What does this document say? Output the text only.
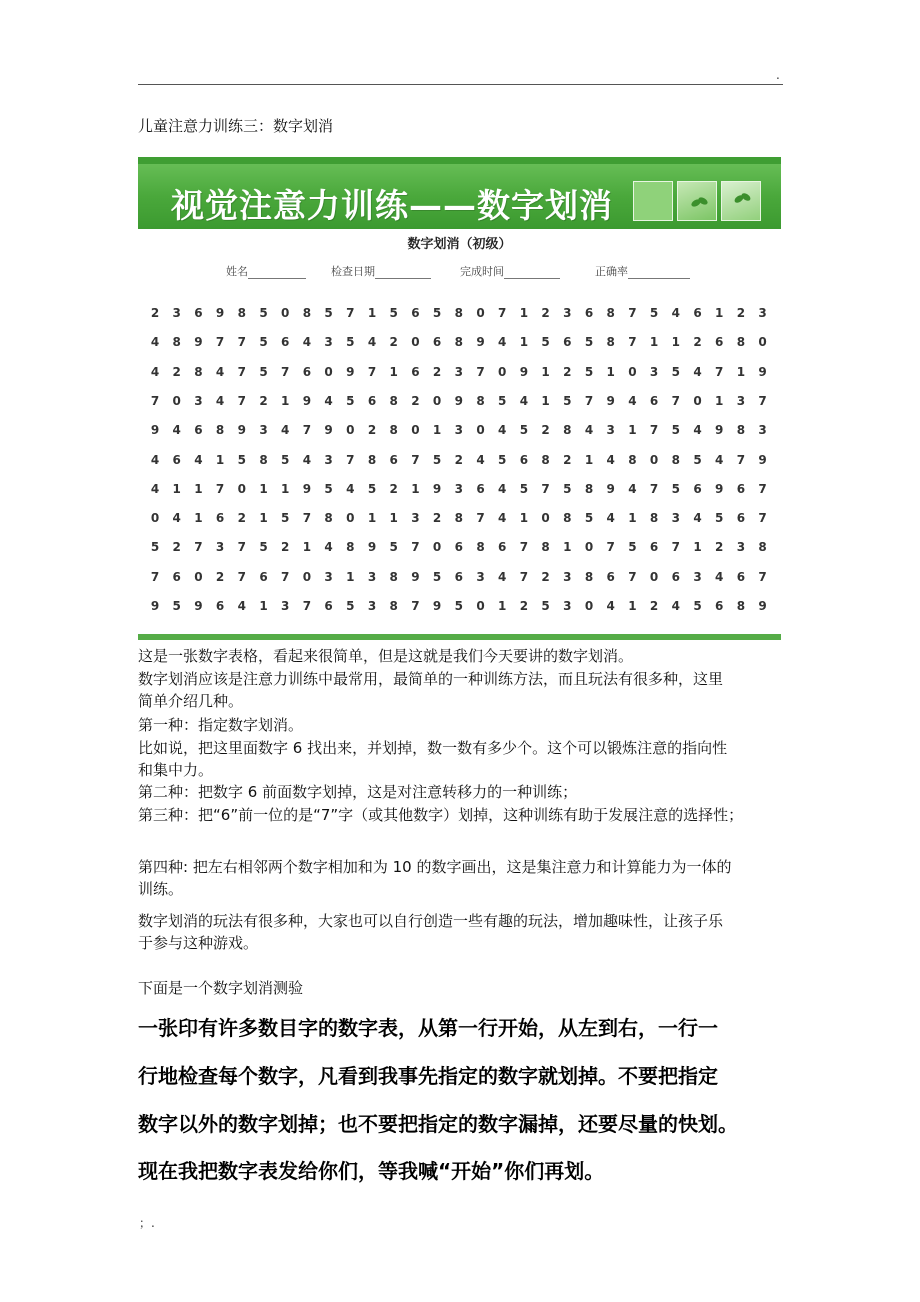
.
儿童注意力训练三：数字划消
视觉注意力训练——数字划消
数字划消（初级）
姓名	检查日期	完成时间	正确率
2 3 6 9 8 5 0 8 5 7 1 5 6 5 8 0 7 1 2 3 6 8 7 5 4 6 1 2 3
4 8 9 7 7 5 6 4 3 5 4 2 0 6 8 9 4 1 5 6 5 8 7 1 1 2 6 8 0
4 2 8 4 7 5 7 6 0 9 7 1 6 2 3 7 0 9 1 2 5 1 0 3 5 4 7 1 9
7 0 3 4 7 2 1 9 4 5 6 8 2 0 9 8 5 4 1 5 7 9 4 6 7 0 1 3 7
9 4 6 8 9 3 4 7 9 0 2 8 0 1 3 0 4 5 2 8 4 3 1 7 5 4 9 8 3
4 6 4 1 5 8 5 4 3 7 8 6 7 5 2 4 5 6 8 2 1 4 8 0 8 5 4 7 9
4 1 1 7 0 1 1 9 5 4 5 2 1 9 3 6 4 5 7 5 8 9 4 7 5 6 9 6 7
0 4 1 6 2 1 5 7 8 0 1 1 3 2 8 7 4 1 0 8 5 4 1 8 3 4 5 6 7
5 2 7 3 7 5 2 1 4 8 9 5 7 0 6 8 6 7 8 1 0 7 5 6 7 1 2 3 8
7 6 0 2 7 6 7 0 3 1 3 8 9 5 6 3 4 7 2 3 8 6 7 0 6 3 4 6 7
9 5 9 6 4 1 3 7 6 5 3 8 7 9 5 0 1 2 5 3 0 4 1 2 4 5 6 8 9
这是一张数字表格，看起来很简单，但是这就是我们今天要讲的数字划消。
数字划消应该是注意力训练中最常用，最简单的一种训练方法，而且玩法有很多种，这里
简单介绍几种。
第一种：指定数字划消。
比如说，把这里面数字 6 找出来，并划掉，数一数有多少个。这个可以锻炼注意的指向性
和集中力。
第二种：把数字 6 前面数字划掉，这是对注意转移力的一种训练；
第三种：把“6”前一位的是“7”字（或其他数字）划掉，这种训练有助于发展注意的选择性；
第四种: 把左右相邻两个数字相加和为 10 的数字画出，这是集注意力和计算能力为一体的
训练。
数字划消的玩法有很多种，大家也可以自行创造一些有趣的玩法，增加趣味性，让孩子乐
于参与这种游戏。
下面是一个数字划消测验
一张印有许多数目字的数字表，从第一行开始，从左到右，一行一
行地检查每个数字，凡看到我事先指定的数字就划掉。不要把指定
数字以外的数字划掉；也不要把指定的数字漏掉，还要尽量的快划。
现在我把数字表发给你们，等我喊“开始”你们再划。
；.
